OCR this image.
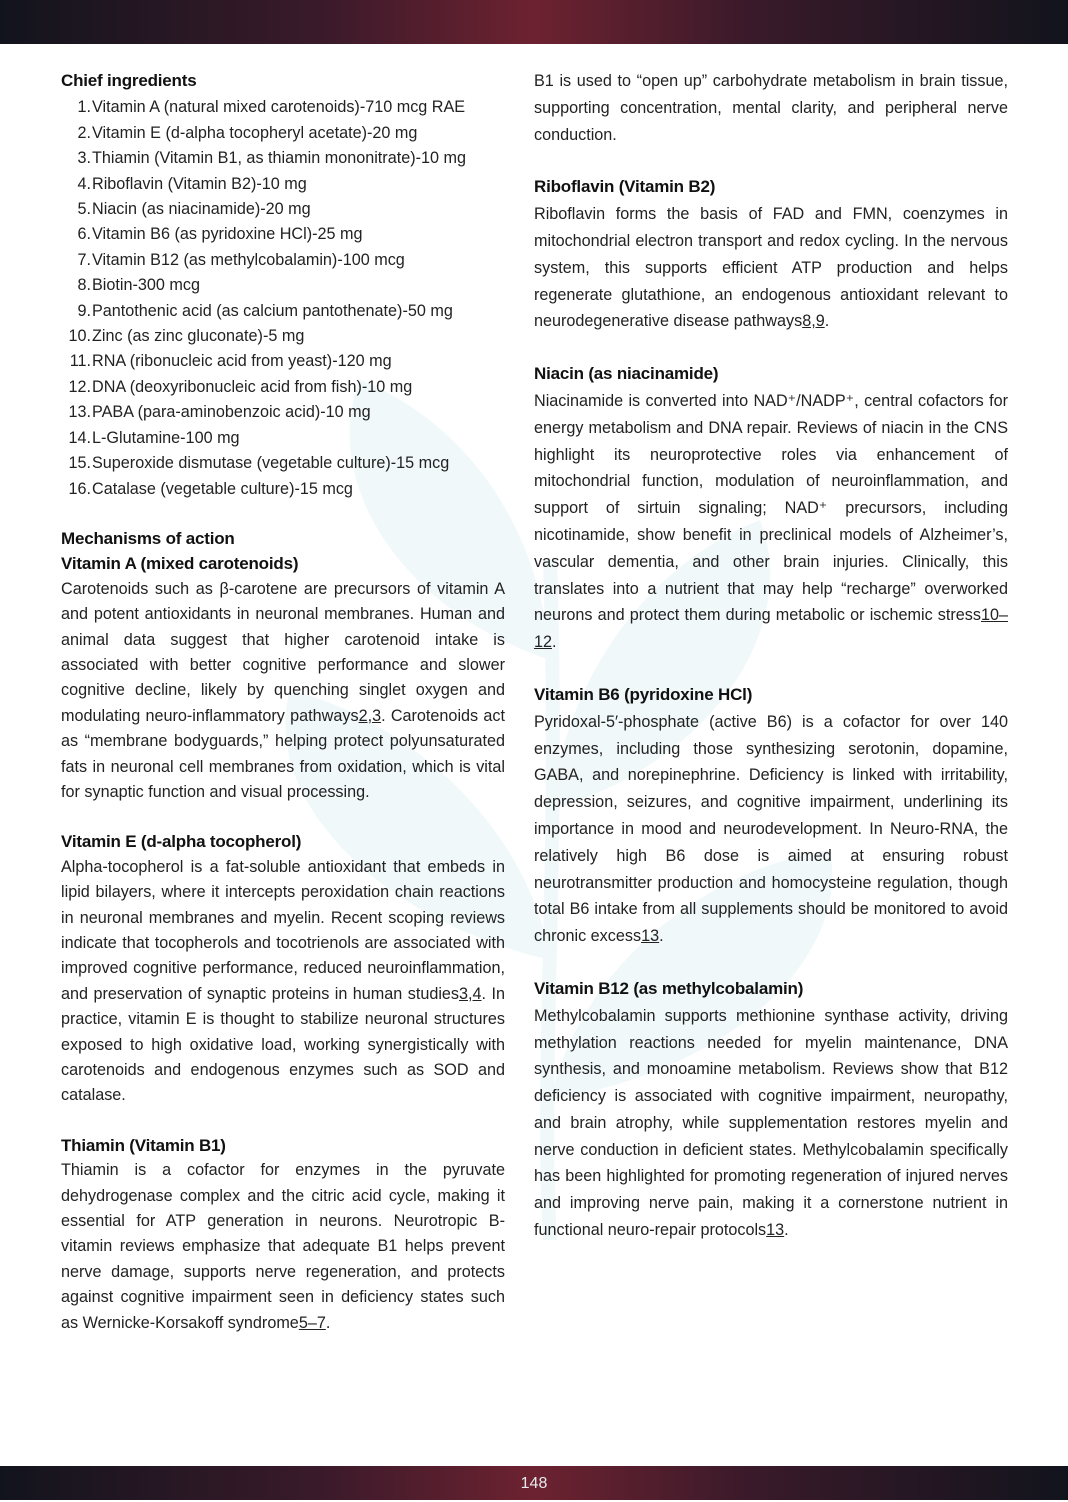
Chief ingredients
1. Vitamin A (natural mixed carotenoids)-710 mcg RAE
2. Vitamin E (d-alpha tocopheryl acetate)-20 mg
3. Thiamin (Vitamin B1, as thiamin mononitrate)-10 mg
4. Riboflavin (Vitamin B2)-10 mg
5. Niacin (as niacinamide)-20 mg
6. Vitamin B6 (as pyridoxine HCl)-25 mg
7. Vitamin B12 (as methylcobalamin)-100 mcg
8. Biotin-300 mcg
9. Pantothenic acid (as calcium pantothenate)-50 mg
10. Zinc (as zinc gluconate)-5 mg
11. RNA (ribonucleic acid from yeast)-120 mg
12. DNA (deoxyribonucleic acid from fish)-10 mg
13. PABA (para-aminobenzoic acid)-10 mg
14. L-Glutamine-100 mg
15. Superoxide dismutase (vegetable culture)-15 mcg
16. Catalase (vegetable culture)-15 mcg
Mechanisms of action
Vitamin A (mixed carotenoids)

Carotenoids such as β-carotene are precursors of vitamin A and potent antioxidants in neuronal membranes. Human and animal data suggest that higher carotenoid intake is associated with better cognitive performance and slower cognitive decline, likely by quenching singlet oxygen and modulating neuro-inflammatory pathways2,3. Carotenoids act as “membrane bodyguards,” helping protect polyunsaturated fats in neuronal cell membranes from oxidation, which is vital for synaptic function and visual processing.

Vitamin E (d-alpha tocopherol)

Alpha-tocopherol is a fat-soluble antioxidant that embeds in lipid bilayers, where it intercepts peroxidation chain reactions in neuronal membranes and myelin. Recent scoping reviews indicate that tocopherols and tocotrienols are associated with improved cognitive performance, reduced neuroinflammation, and preservation of synaptic proteins in human studies3,4. In practice, vitamin E is thought to stabilize neuronal structures exposed to high oxidative load, working synergistically with carotenoids and endogenous enzymes such as SOD and catalase.

Thiamin (Vitamin B1)

Thiamin is a cofactor for enzymes in the pyruvate dehydrogenase complex and the citric acid cycle, making it essential for ATP generation in neurons. Neurotropic B-vitamin reviews emphasize that adequate B1 helps prevent nerve damage, supports nerve regeneration, and protects against cognitive impairment seen in deficiency states such as Wernicke-Korsakoff syndrome5–7.

B1 is used to “open up” carbohydrate metabolism in brain tissue, supporting concentration, mental clarity, and peripheral nerve conduction.

Riboflavin (Vitamin B2)

Riboflavin forms the basis of FAD and FMN, coenzymes in mitochondrial electron transport and redox cycling. In the nervous system, this supports efficient ATP production and helps regenerate glutathione, an endogenous antioxidant relevant to neurodegenerative disease pathways8,9.

Niacin (as niacinamide)

Niacinamide is converted into NAD⁺/NADP⁺, central cofactors for energy metabolism and DNA repair. Reviews of niacin in the CNS highlight its neuroprotective roles via enhancement of mitochondrial function, modulation of neuroinflammation, and support of sirtuin signaling; NAD⁺ precursors, including nicotinamide, show benefit in preclinical models of Alzheimer’s, vascular dementia, and other brain injuries. Clinically, this translates into a nutrient that may help “recharge” overworked neurons and protect them during metabolic or ischemic stress10–12.

Vitamin B6 (pyridoxine HCl)

Pyridoxal-5′-phosphate (active B6) is a cofactor for over 140 enzymes, including those synthesizing serotonin, dopamine, GABA, and norepinephrine. Deficiency is linked with irritability, depression, seizures, and cognitive impairment, underlining its importance in mood and neurodevelopment. In Neuro-RNA, the relatively high B6 dose is aimed at ensuring robust neurotransmitter production and homocysteine regulation, though total B6 intake from all supplements should be monitored to avoid chronic excess13.

Vitamin B12 (as methylcobalamin)

Methylcobalamin supports methionine synthase activity, driving methylation reactions needed for myelin maintenance, DNA synthesis, and monoamine metabolism. Reviews show that B12 deficiency is associated with cognitive impairment, neuropathy, and brain atrophy, while supplementation restores myelin and nerve conduction in deficient states. Methylcobalamin specifically has been highlighted for promoting regeneration of injured nerves and improving nerve pain, making it a cornerstone nutrient in functional neuro-repair protocols13.

148
